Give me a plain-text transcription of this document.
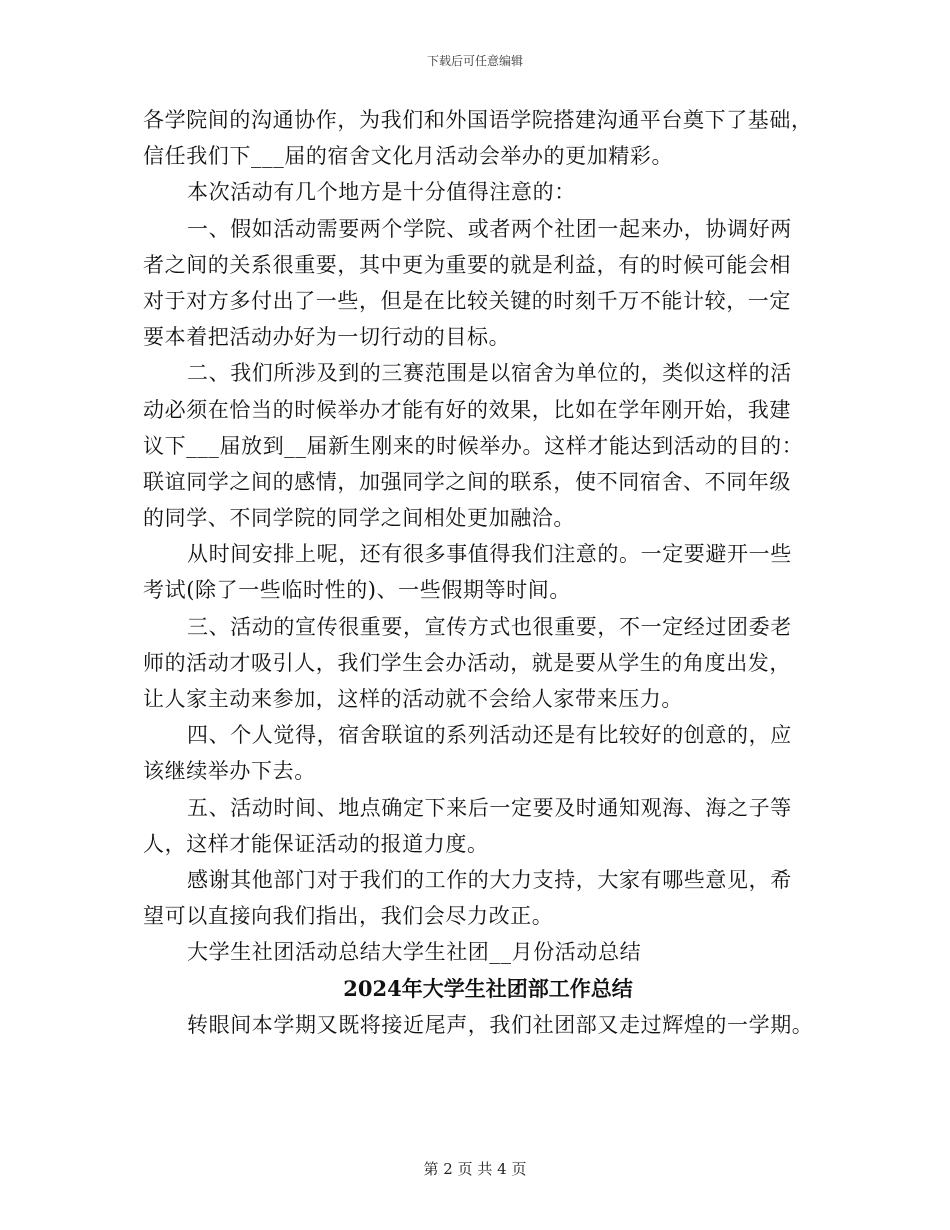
下载后可任意编辑
各学院间的沟通协作，为我们和外国语学院搭建沟通平台奠下了基础，
信任我们下___届的宿舍文化月活动会举办的更加精彩。
本次活动有几个地方是十分值得注意的：
一、假如活动需要两个学院、或者两个社团一起来办，协调好两
者之间的关系很重要，其中更为重要的就是利益，有的时候可能会相
对于对方多付出了一些，但是在比较关键的时刻千万不能计较，一定
要本着把活动办好为一切行动的目标。
二、我们所涉及到的三赛范围是以宿舍为单位的，类似这样的活
动必须在恰当的时候举办才能有好的效果，比如在学年刚开始，我建
议下___届放到__届新生刚来的时候举办。这样才能达到活动的目的：
联谊同学之间的感情，加强同学之间的联系，使不同宿舍、不同年级
的同学、不同学院的同学之间相处更加融洽。
从时间安排上呢，还有很多事值得我们注意的。一定要避开一些
考试(除了一些临时性的)、一些假期等时间。
三、活动的宣传很重要，宣传方式也很重要，不一定经过团委老
师的活动才吸引人，我们学生会办活动，就是要从学生的角度出发，
让人家主动来参加，这样的活动就不会给人家带来压力。
四、个人觉得，宿舍联谊的系列活动还是有比较好的创意的，应
该继续举办下去。
五、活动时间、地点确定下来后一定要及时通知观海、海之子等
人，这样才能保证活动的报道力度。
感谢其他部门对于我们的工作的大力支持，大家有哪些意见，希
望可以直接向我们指出，我们会尽力改正。
大学生社团活动总结大学生社团__月份活动总结
2024年大学生社团部工作总结
转眼间本学期又既将接近尾声，我们社团部又走过辉煌的一学期。
第 2 页 共 4 页
